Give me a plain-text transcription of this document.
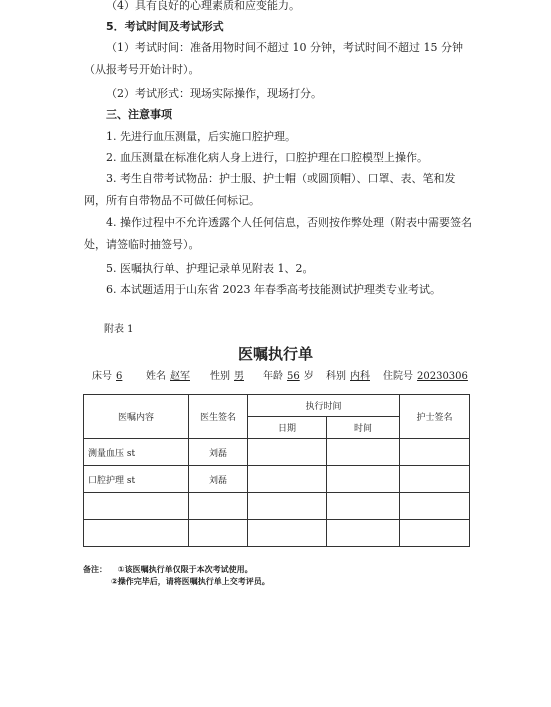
（4）具有良好的心理素质和应变能力。
5．考试时间及考试形式
（1）考试时间：准备用物时间不超过 10 分钟，考试时间不超过 15 分钟（从报考号开始计时）。
（2）考试形式：现场实际操作，现场打分。
三、注意事项
1. 先进行血压测量，后实施口腔护理。
2. 血压测量在标准化病人身上进行，口腔护理在口腔模型上操作。
3. 考生自带考试物品：护士服、护士帽（或圆顶帽）、口罩、表、笔和发网，所有自带物品不可做任何标记。
4. 操作过程中不允许透露个人任何信息，否则按作弊处理（附表中需要签名处，请签临时抽签号）。
5. 医嘱执行单、护理记录单见附表 1、2。
6. 本试题适用于山东省 2023 年春季高考技能测试护理类专业考试。
附表 1
医嘱执行单
床号 6	姓名 赵军	性别 男	年龄 56 岁 科别 内科	住院号 20230306
医嘱内容	医生签名	执行时间		护士签名
		日期	时间	
测量血压 st	刘磊			
口腔护理 st	刘磊			

备注： ①该医嘱执行单仅限于本次考试使用。
②操作完毕后，请将医嘱执行单上交考评员。
